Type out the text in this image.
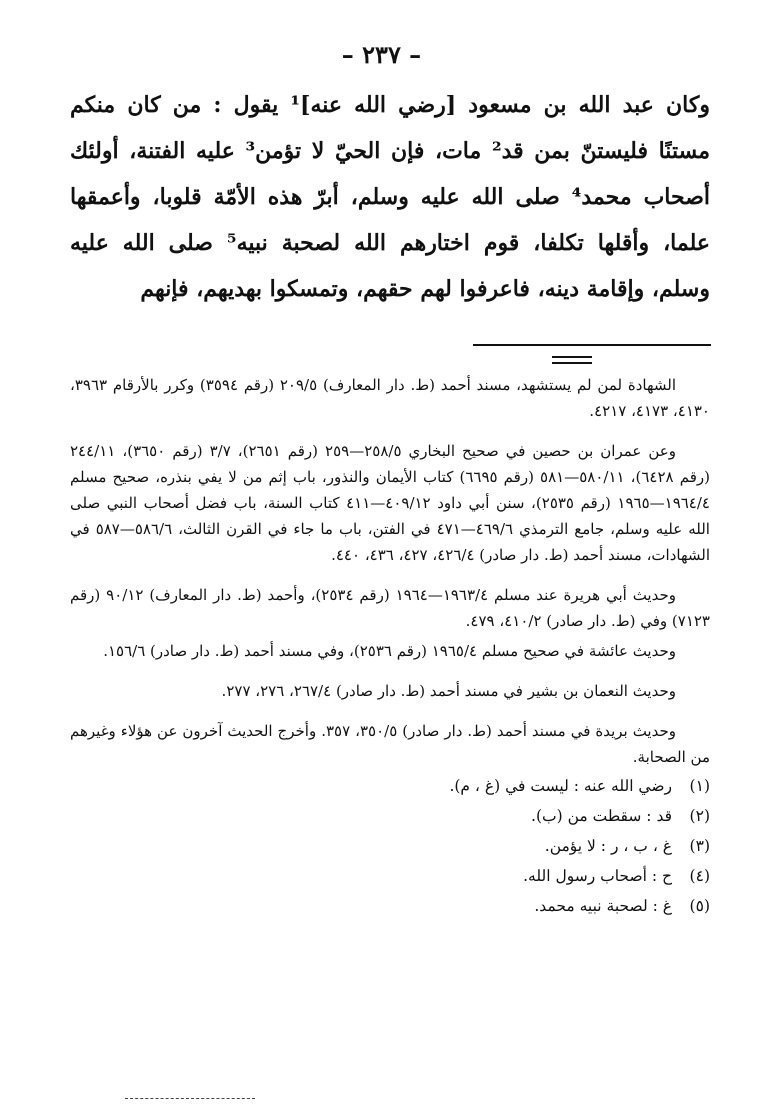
– ٢٣٧ –

وكان عبد الله بن مسعود [رضي الله عنه]¹ يقول : من كان منكم مستنًا فليستنّ بمن قد² مات، فإن الحيّ لا تؤمن³ عليه الفتنة، أولئك أصحاب محمد⁴ صلى الله عليه وسلم، أبرّ هذه الأمّة قلوبا، وأعمقها علما، وأقلها تكلفا، قوم اختارهم الله لصحبة نبيه⁵ صلى الله عليه وسلم، وإقامة دينه، فاعرفوا لهم حقهم، وتمسكوا بهديهم، فإنهم

الشهادة لمن لم يستشهد، مسند أحمد (ط. دار المعارف) ٢٠٩/٥ (رقم ٣٥٩٤) وكرر بالأرقام ٣٩٦٣، ٤١٣٠، ٤١٧٣، ٤٢١٧.

وعن عمران بن حصين في صحيح البخاري ٢٥٨/٥—٢٥٩ (رقم ٢٦٥١)، ٣/٧ (رقم ٣٦٥٠)، ٢٤٤/١١ (رقم ٦٤٢٨)، ٥٨٠/١١—٥٨١ (رقم ٦٦٩٥) كتاب الأيمان والنذور، باب إثم من لا يفي بنذره، صحيح مسلم ١٩٦٤/٤—١٩٦٥ (رقم ٢٥٣٥)، سنن أبي داود ٤٠٩/١٢—٤١١ كتاب السنة، باب فضل أصحاب النبي صلى الله عليه وسلم، جامع الترمذي ٤٦٩/٦—٤٧١ في الفتن، باب ما جاء في القرن الثالث، ٥٨٦/٦—٥٨٧ في الشهادات، مسند أحمد (ط. دار صادر) ٤٢٦/٤، ٤٢٧، ٤٣٦، ٤٤٠.

وحديث أبي هريرة عند مسلم ١٩٦٣/٤—١٩٦٤ (رقم ٢٥٣٤)، وأحمد (ط. دار المعارف) ٩٠/١٢ (رقم ٧١٢٣) وفي (ط. دار صادر) ٤١٠/٢، ٤٧٩.

وحديث عائشة في صحيح مسلم ١٩٦٥/٤ (رقم ٢٥٣٦)، وفي مسند أحمد (ط. دار صادر) ١٥٦/٦.

وحديث النعمان بن بشير في مسند أحمد (ط. دار صادر) ٢٦٧/٤، ٢٧٦، ٢٧٧.

وحديث بريدة في مسند أحمد (ط. دار صادر) ٣٥٠/٥، ٣٥٧. وأخرج الحديث آخرون عن هؤلاء وغيرهم من الصحابة.

(١)
رضي الله عنه : ليست في (غ ، م).
(٢)
قد : سقطت من (ب).
(٣)
غ ، ب ، ر : لا يؤمن.
(٤)
ح : أصحاب رسول الله.
(٥)
غ : لصحبة نبيه محمد.
